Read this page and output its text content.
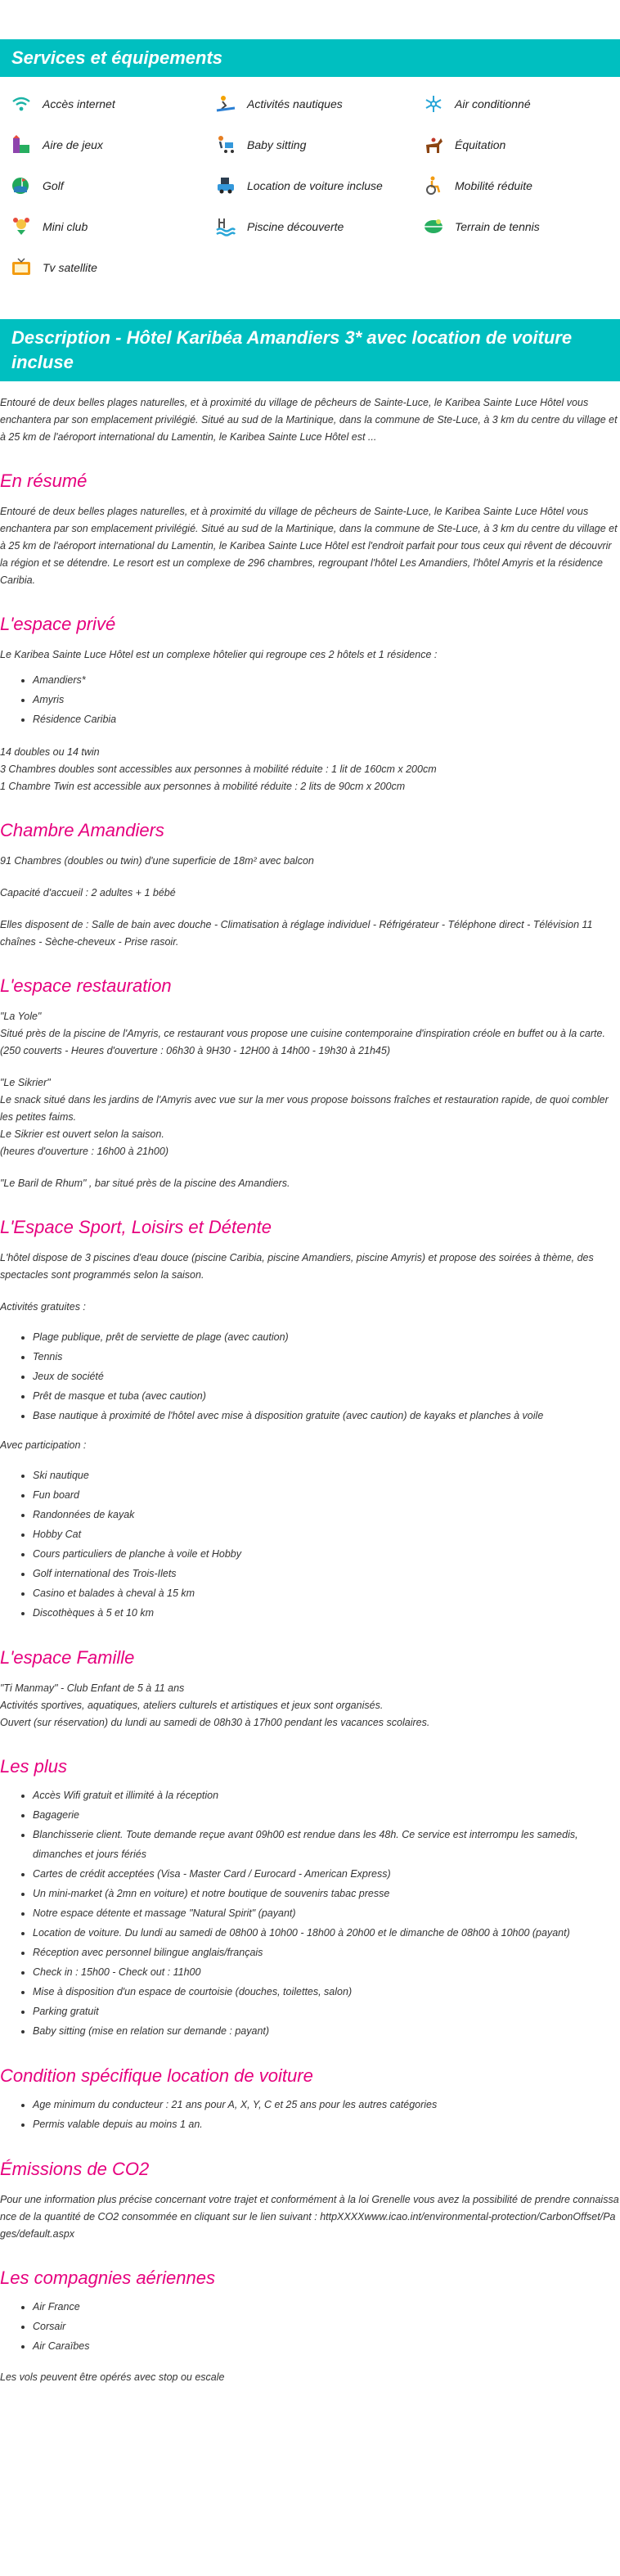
Services et équipements
Accès internet	Activités nautiques	Air conditionné
Aire de jeux	Baby sitting	Équitation
Golf	Location de voiture incluse	Mobilité réduite
Mini club	Piscine découverte	Terrain de tennis
Tv satellite
Description - Hôtel Karibéa Amandiers 3* avec location de voiture incluse

Entouré de deux belles plages naturelles, et à proximité du village de pêcheurs de Sainte-Luce, le Karibea Sainte Luce Hôtel vous enchantera par son emplacement privilégié. Situé au sud de la Martinique, dans la commune de Ste-Luce, à 3 km du centre du village et à 25 km de l'aéroport international du Lamentin, le Karibea Sainte Luce Hôtel est ...

En résumé

Entouré de deux belles plages naturelles, et à proximité du village de pêcheurs de Sainte-Luce, le Karibea Sainte Luce Hôtel vous enchantera par son emplacement privilégié. Situé au sud de la Martinique, dans la commune de Ste-Luce, à 3 km du centre du village et à 25 km de l'aéroport international du Lamentin, le Karibea Sainte Luce Hôtel est l'endroit parfait pour tous ceux qui rêvent de découvrir la région et se détendre. Le resort est un complexe de 296 chambres, regroupant l'hôtel Les Amandiers, l'hôtel Amyris et la résidence Caribia.

L'espace privé

Le Karibea Sainte Luce Hôtel est un complexe hôtelier qui regroupe ces 2 hôtels et 1 résidence :

• Amandiers*
• Amyris
• Résidence Caribia

14 doubles ou 14 twin
3 Chambres doubles sont accessibles aux personnes à mobilité réduite : 1 lit de 160cm x 200cm
1 Chambre Twin est accessible aux personnes à mobilité réduite : 2 lits de 90cm x 200cm

Chambre Amandiers

91 Chambres (doubles ou twin) d'une superficie de 18m² avec balcon

Capacité d'accueil : 2 adultes + 1 bébé

Elles disposent de : Salle de bain avec douche - Climatisation à réglage individuel - Réfrigérateur - Téléphone direct - Télévision 11 chaînes - Sèche-cheveux - Prise rasoir.

L'espace restauration

"La Yole"
Situé près de la piscine de l'Amyris, ce restaurant vous propose une cuisine contemporaine d'inspiration créole en buffet ou à la carte.
(250 couverts - Heures d'ouverture : 06h30 à 9H30 - 12H00 à 14h00 - 19h30 à 21h45)

"Le Sikrier"
Le snack situé dans les jardins de l'Amyris avec vue sur la mer vous propose boissons fraîches et restauration rapide, de quoi combler les petites faims.
Le Sikrier est ouvert selon la saison.
(heures d'ouverture : 16h00 à 21h00)

"Le Baril de Rhum" , bar situé près de la piscine des Amandiers.

L'Espace Sport, Loisirs et Détente

L'hôtel dispose de 3 piscines d'eau douce (piscine Caribia, piscine Amandiers, piscine Amyris) et propose des soirées à thème, des spectacles sont programmés selon la saison.

Activités gratuites :

• Plage publique, prêt de serviette de plage (avec caution)
• Tennis
• Jeux de société
• Prêt de masque et tuba (avec caution)
• Base nautique à proximité de l'hôtel avec mise à disposition gratuite (avec caution) de kayaks et planches à voile

Avec participation :

• Ski nautique
• Fun board
• Randonnées de kayak
• Hobby Cat
• Cours particuliers de planche à voile et Hobby
• Golf international des Trois-Ilets
• Casino et balades à cheval à 15 km
• Discothèques à 5 et 10 km
L'espace Famille

"Ti Manmay" - Club Enfant de 5 à 11 ans
Activités sportives, aquatiques, ateliers culturels et artistiques et jeux sont organisés.
Ouvert (sur réservation) du lundi au samedi de 08h30 à 17h00 pendant les vacances scolaires.

Les plus
• Accès Wifi gratuit et illimité à la réception
• Bagagerie
• Blanchisserie client. Toute demande reçue avant 09h00 est rendue dans les 48h. Ce service est interrompu les samedis, dimanches et jours fériés
• Cartes de crédit acceptées (Visa - Master Card / Eurocard - American Express)
• Un mini-market (à 2mn en voiture) et notre boutique de souvenirs tabac presse
• Notre espace détente et massage "Natural Spirit" (payant)
• Location de voiture. Du lundi au samedi de 08h00 à 10h00 - 18h00 à 20h00 et le dimanche de 08h00 à 10h00 (payant)
• Réception avec personnel bilingue anglais/français
• Check in : 15h00 - Check out : 11h00
• Mise à disposition d'un espace de courtoisie (douches, toilettes, salon)
• Parking gratuit
• Baby sitting (mise en relation sur demande : payant)
Condition spécifique location de voiture
• Age minimum du conducteur : 21 ans pour A, X, Y, C et 25 ans pour les autres catégories
• Permis valable depuis au moins 1 an.
Émissions de CO2

Pour une information plus précise concernant votre trajet et conformément à la loi Grenelle vous avez la possibilité de prendre connaissance de la quantité de CO2 consommée en cliquant sur le lien suivant : httpXXXXwww.icao.int/environmental-protection/CarbonOffset/Pages/default.aspx

Les compagnies aériennes
• Air France
• Corsair
• Air Caraïbes

Les vols peuvent être opérés avec stop ou escale
